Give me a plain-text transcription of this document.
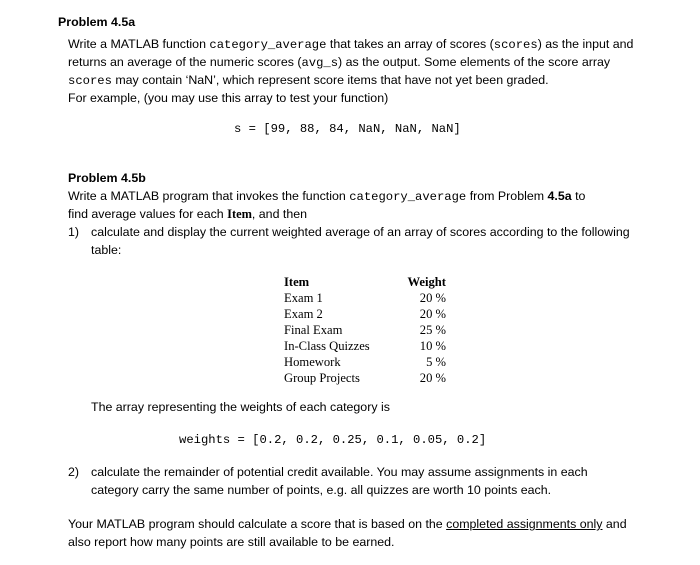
Problem 4.5a
Write a MATLAB function category_average that takes an array of scores (scores) as the input and
returns an average of the numeric scores (avg_s) as the output. Some elements of the score array
scores may contain ‘NaN’, which represent score items that have not yet been graded.
For example, (you may use this array to test your function)
s = [99, 88, 84, NaN, NaN, NaN]
Problem 4.5b
Write a MATLAB program that invokes the function category_average from Problem 4.5a to
find average values for each Item, and then
1) calculate and display the current weighted average of an array of scores according to the following
table:
Item	Weight
Exam 1	20 %
Exam 2	20 %
Final Exam	25 %
In-Class Quizzes	10 %
Homework	5 %
Group Projects	20 %
The array representing the weights of each category is
weights = [0.2, 0.2, 0.25, 0.1, 0.05, 0.2]
2) calculate the remainder of potential credit available. You may assume assignments in each
category carry the same number of points, e.g. all quizzes are worth 10 points each.
Your MATLAB program should calculate a score that is based on the completed assignments only and
also report how many points are still available to be earned.
